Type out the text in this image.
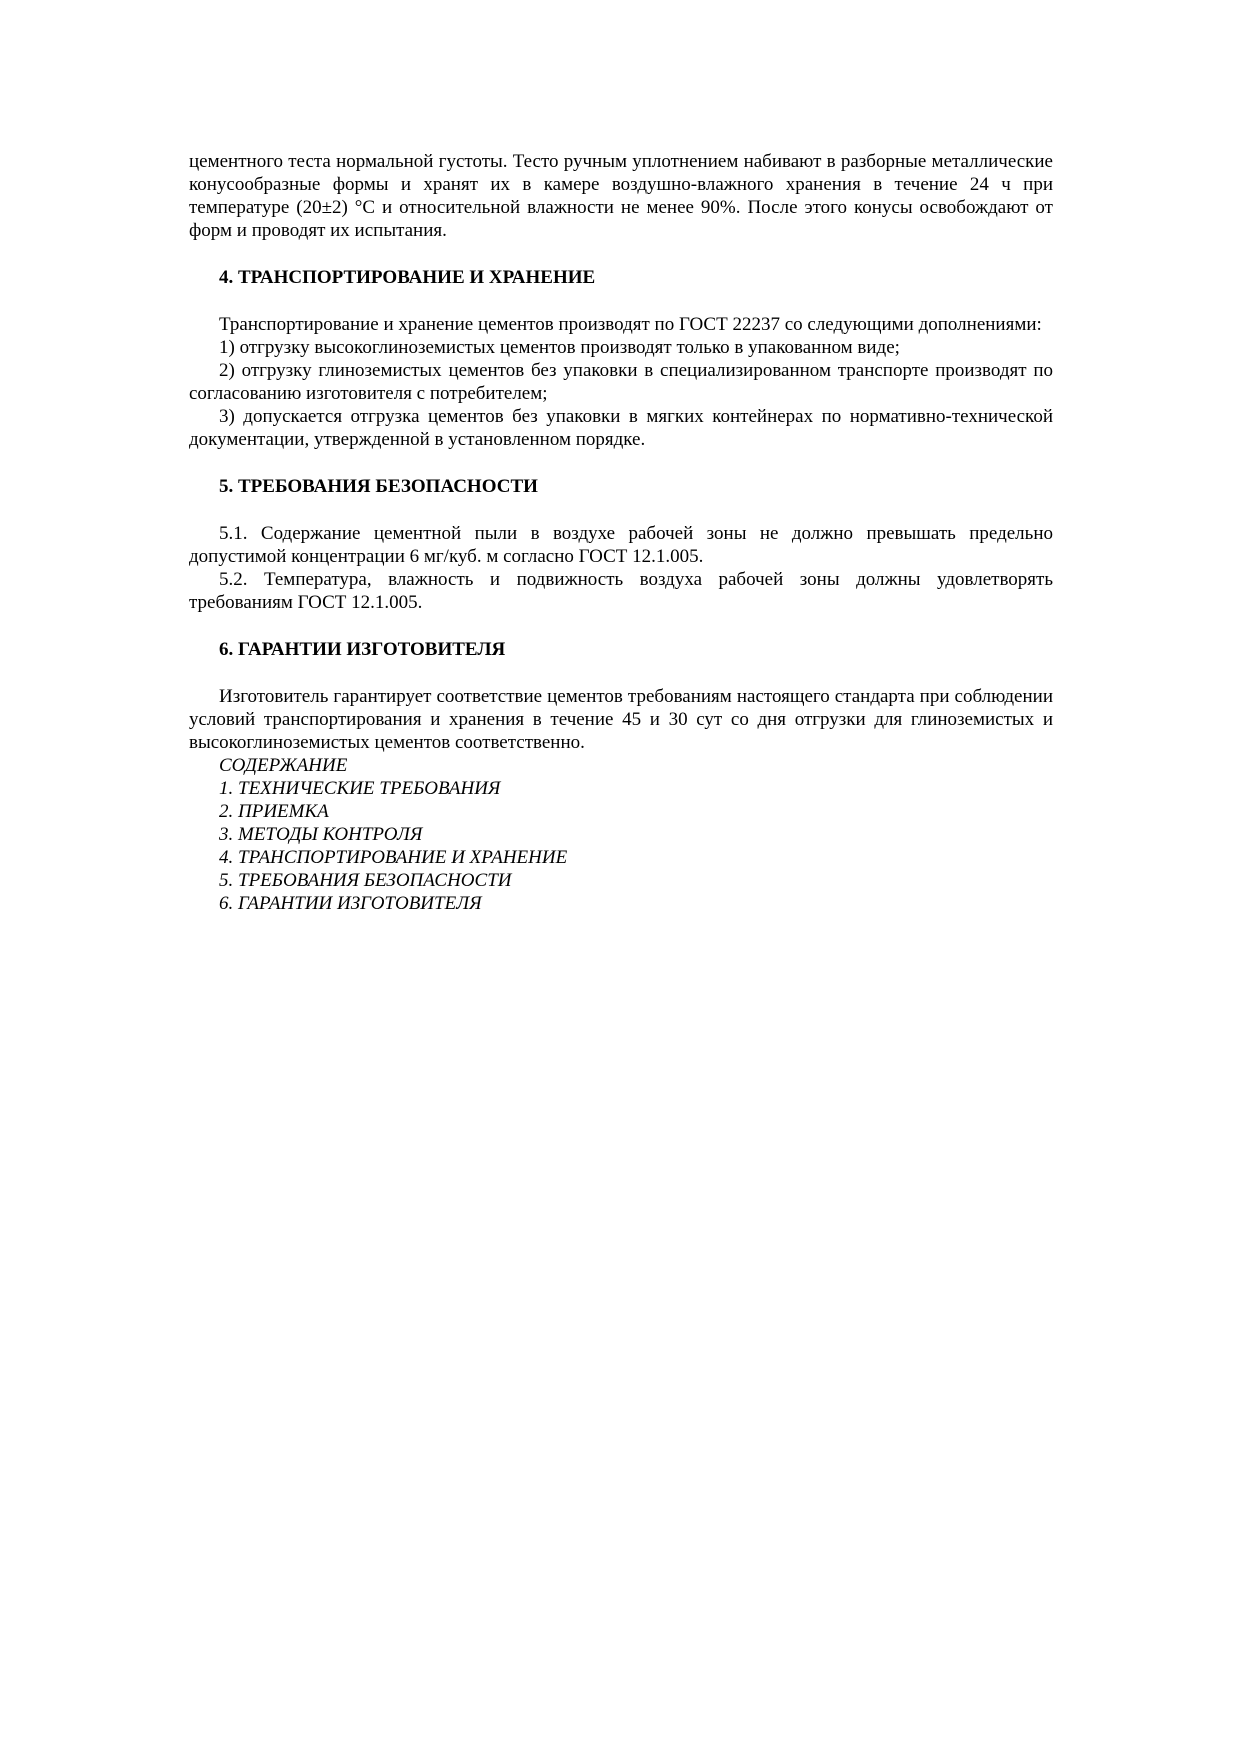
цементного теста нормальной густоты. Тесто ручным уплотнением набивают в разборные металлические конусообразные формы и хранят их в камере воздушно-влажного хранения в течение 24 ч при температуре (20±2) °С и относительной влажности не менее 90%. После этого конусы освобождают от форм и проводят их испытания.

4. ТРАНСПОРТИРОВАНИЕ И ХРАНЕНИЕ

Транспортирование и хранение цементов производят по ГОСТ 22237 со следующими дополнениями:

1) отгрузку высокоглиноземистых цементов производят только в упакованном виде;

2) отгрузку глиноземистых цементов без упаковки в специализированном транспорте производят по согласованию изготовителя с потребителем;

3) допускается отгрузка цементов без упаковки в мягких контейнерах по нормативно-технической документации, утвержденной в установленном порядке.

5. ТРЕБОВАНИЯ БЕЗОПАСНОСТИ

5.1. Содержание цементной пыли в воздухе рабочей зоны не должно превышать предельно допустимой концентрации 6 мг/куб. м согласно ГОСТ 12.1.005.

5.2. Температура, влажность и подвижность воздуха рабочей зоны должны удовлетворять требованиям ГОСТ 12.1.005.

6. ГАРАНТИИ ИЗГОТОВИТЕЛЯ

Изготовитель гарантирует соответствие цементов требованиям настоящего стандарта при соблюдении условий транспортирования и хранения в течение 45 и 30 сут со дня отгрузки для глиноземистых и высокоглиноземистых цементов соответственно.

СОДЕРЖАНИЕ

1. ТЕХНИЧЕСКИЕ ТРЕБОВАНИЯ
2. ПРИЕМКА
3. МЕТОДЫ КОНТРОЛЯ
4. ТРАНСПОРТИРОВАНИЕ И ХРАНЕНИЕ
5. ТРЕБОВАНИЯ БЕЗОПАСНОСТИ
6. ГАРАНТИИ ИЗГОТОВИТЕЛЯ
